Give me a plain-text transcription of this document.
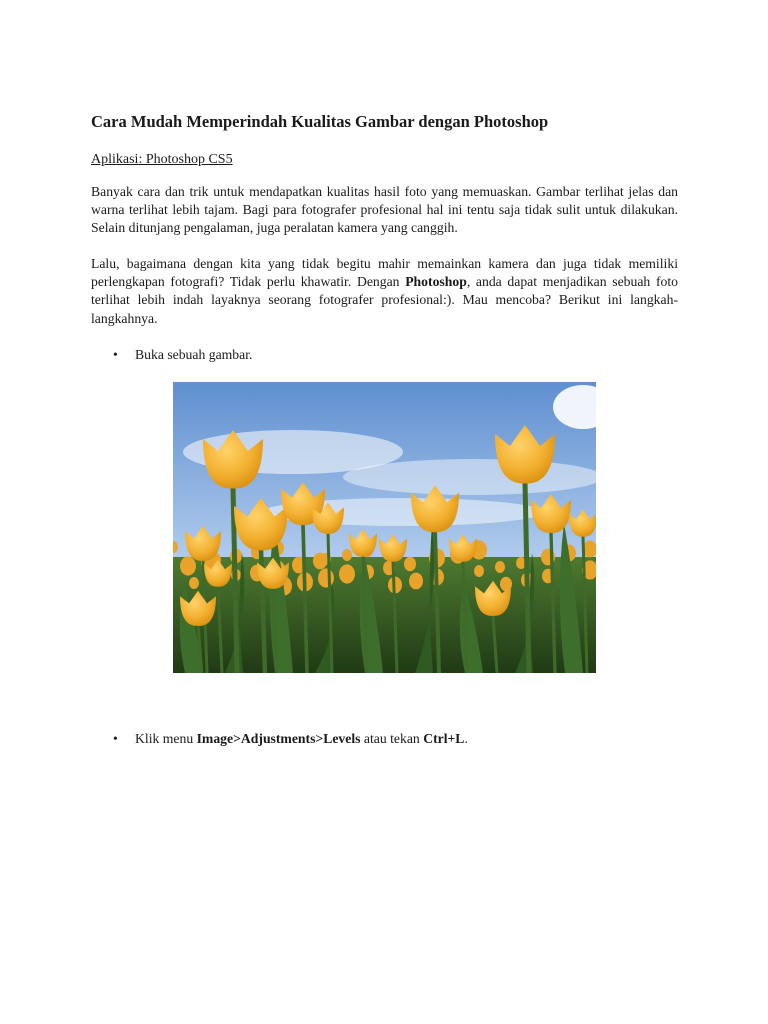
Cara Mudah Memperindah Kualitas Gambar dengan Photoshop
Aplikasi: Photoshop CS5

Banyak cara dan trik untuk mendapatkan kualitas hasil foto yang memuaskan. Gambar terlihat jelas dan warna terlihat lebih tajam. Bagi para fotografer profesional hal ini tentu saja tidak sulit untuk dilakukan. Selain ditunjang pengalaman, juga peralatan kamera yang canggih.

Lalu, bagaimana dengan kita yang tidak begitu mahir memainkan kamera dan juga tidak memiliki perlengkapan fotografi? Tidak perlu khawatir. Dengan Photoshop, anda dapat menjadikan sebuah foto terlihat lebih indah layaknya seorang fotografer profesional:). Mau mencoba? Berikut ini langkah-langkahnya.

• Buka sebuah gambar.
• Klik menu Image>Adjustments>Levels atau tekan Ctrl+L.
